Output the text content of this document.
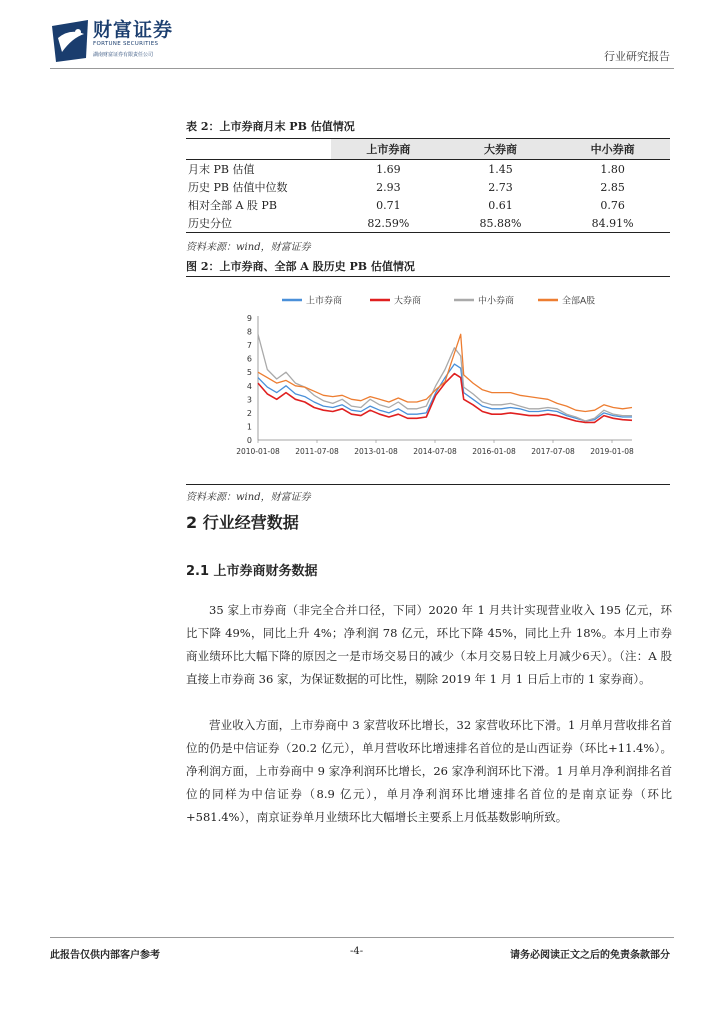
财富证券
FORTUNE SECURITIES
湖南财富证券有限责任公司	行业研究报告
表 2：上市券商月末 PB 估值情况
	上市券商	大券商	中小券商
月末 PB 估值	1.69	1.45	1.80
历史 PB 估值中位数	2.93	2.73	2.85
相对全部 A 股 PB	0.71	0.61	0.76
历史分位	82.59%	85.88%	84.91%
资料来源：wind，财富证券
图 2：上市券商、全部 A 股历史 PB 估值情况
0
1
2
3
4
5
6
7
8
9
2010-01-08 2011-07-08 2013-01-08 2014-07-08 2016-01-08 2017-07-08 2019-01-08
上市券商	大券商	中小券商	全部A股
资料来源：wind，财富证券
2 行业经营数据
2.1 上市券商财务数据
35 家上市券商（非完全合并口径，下同）2020 年 1 月共计实现营业收入 195 亿元，环比下降 49%，同比上升 4%；净利润 78 亿元，环比下降 45%，同比上升 18%。本月上市券商业绩环比大幅下降的原因之一是市场交易日的减少（本月交易日较上月减少6天）。（注：A 股直接上市券商 36 家，为保证数据的可比性，剔除 2019 年 1 月 1 日后上市的 1 家券商）。
营业收入方面，上市券商中 3 家营收环比增长，32 家营收环比下滑。1 月单月营收排名首位的仍是中信证券（20.2 亿元），单月营收环比增速排名首位的是山西证券（环比+11.4%）。净利润方面，上市券商中 9 家净利润环比增长，26 家净利润环比下滑。1 月单月净利润排名首位的同样为中信证券（8.9 亿元），单月净利润环比增速排名首位的是南京证券（环比+581.4%），南京证券单月业绩环比大幅增长主要系上月低基数影响所致。
此报告仅供内部客户参考	-4-	请务必阅读正文之后的免责条款部分
